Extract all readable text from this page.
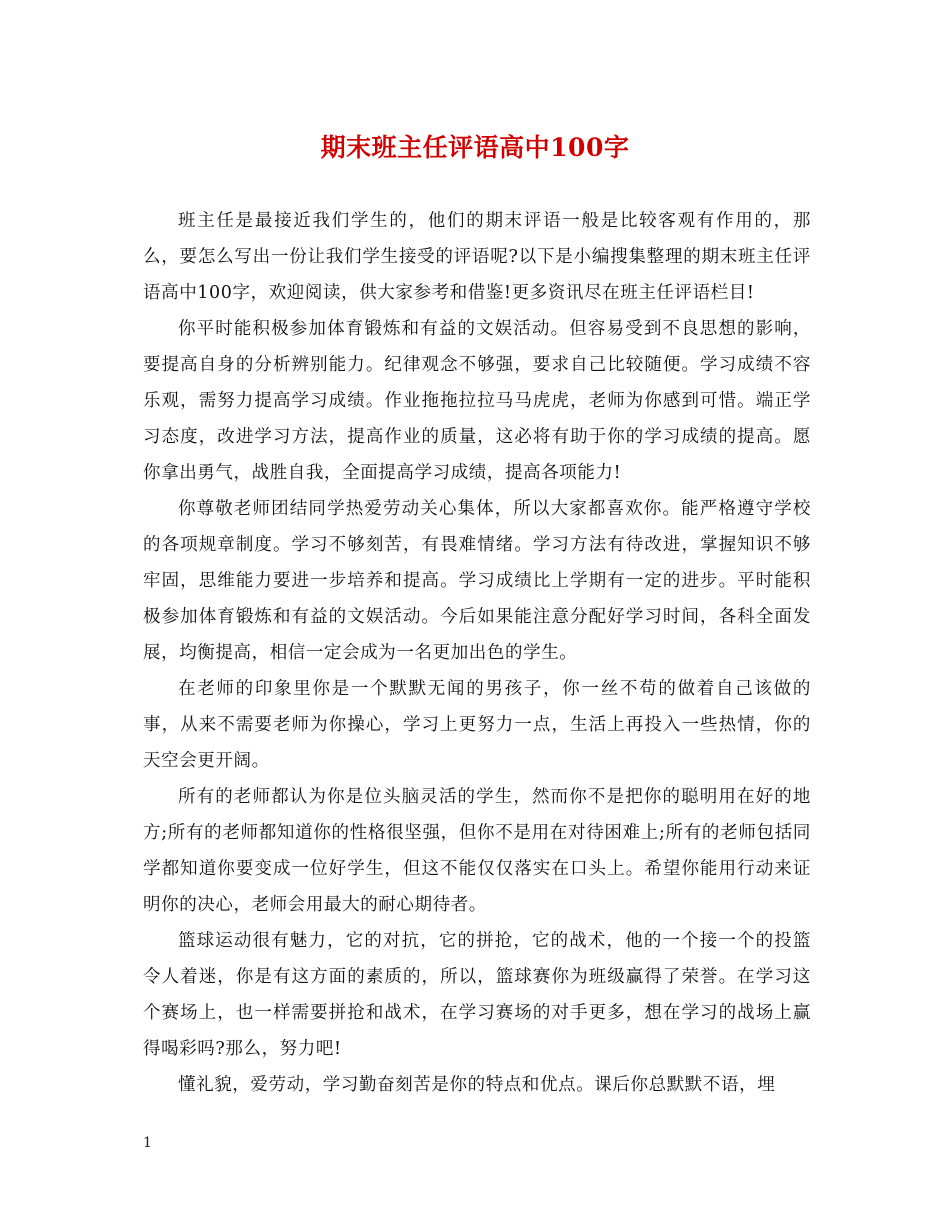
期末班主任评语高中100字

班主任是最接近我们学生的，他们的期末评语一般是比较客观有作用的，那么，要怎么写出一份让我们学生接受的评语呢?以下是小编搜集整理的期末班主任评语高中100字，欢迎阅读，供大家参考和借鉴!更多资讯尽在班主任评语栏目!

你平时能积极参加体育锻炼和有益的文娱活动。但容易受到不良思想的影响，要提高自身的分析辨别能力。纪律观念不够强，要求自己比较随便。学习成绩不容乐观，需努力提高学习成绩。作业拖拖拉拉马马虎虎，老师为你感到可惜。端正学习态度，改进学习方法，提高作业的质量，这必将有助于你的学习成绩的提高。愿你拿出勇气，战胜自我，全面提高学习成绩，提高各项能力!

你尊敬老师团结同学热爱劳动关心集体，所以大家都喜欢你。能严格遵守学校的各项规章制度。学习不够刻苦，有畏难情绪。学习方法有待改进，掌握知识不够牢固，思维能力要进一步培养和提高。学习成绩比上学期有一定的进步。平时能积极参加体育锻炼和有益的文娱活动。今后如果能注意分配好学习时间，各科全面发展，均衡提高，相信一定会成为一名更加出色的学生。

在老师的印象里你是一个默默无闻的男孩子，你一丝不苟的做着自己该做的事，从来不需要老师为你操心，学习上更努力一点，生活上再投入一些热情，你的天空会更开阔。

所有的老师都认为你是位头脑灵活的学生，然而你不是把你的聪明用在好的地方;所有的老师都知道你的性格很坚强，但你不是用在对待困难上;所有的老师包括同学都知道你要变成一位好学生，但这不能仅仅落实在口头上。希望你能用行动来证明你的决心，老师会用最大的耐心期待者。

篮球运动很有魅力，它的对抗，它的拼抢，它的战术，他的一个接一个的投篮令人着迷，你是有这方面的素质的，所以，篮球赛你为班级赢得了荣誉。在学习这个赛场上，也一样需要拼抢和战术，在学习赛场的对手更多，想在学习的战场上赢得喝彩吗?那么，努力吧!

懂礼貌，爱劳动，学习勤奋刻苦是你的特点和优点。课后你总默默不语，埋

1
